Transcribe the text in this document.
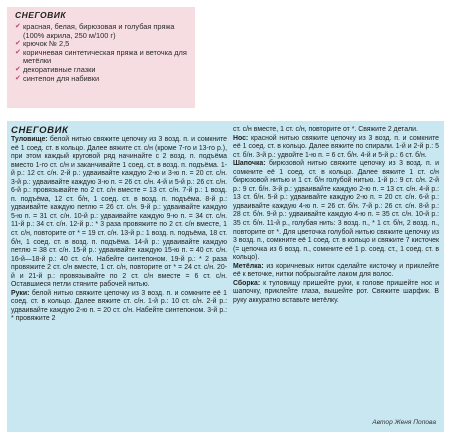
СНЕГОВИК
✔ красная, белая, бирюзовая и голубая пряжа (100% акрила, 250 м/100 г)
✔ крючок № 2,5
✔ коричневая синтетическая пряжа и веточка для метёлки
✔ декоративные глазки
✔ синтепон для набивки
СНЕГОВИК

Туловище: белой нитью свяжите цепочку из 3 возд. п. и сомкните её 1 соед. ст. в кольцо. Далее вяжите ст. с/н (кроме 7-го и 13-го р.), при этом каждый круговой ряд начинайте с 2 возд. п. подъёма вместо 1-го ст. с/н и заканчивайте 1 соед. ст. в возд. п. подъёма. 1-й р.: 12 ст. с/н. 2-й р.: удваивайте каждую 2-ю и 3-ю п. = 20 ст. с/н. 3-й р.: удваивайте каждую 3-ю п. = 26 ст. с/н. 4-й и 5-й р.: 26 ст. с/н. 6-й р.: провязывайте по 2 ст. с/н вместе = 13 ст. с/н. 7-й р.: 1 возд. п. подъёма, 12 ст. б/н, 1 соед. ст. в возд. п. подъёма. 8-й р.: удваивайте каждую петлю = 26 ст. с/н. 9-й р.: удваивайте каждую 5-ю п. = 31 ст. с/н. 10-й р.: удваивайте каждую 9-ю п. = 34 ст. с/н. 11-й р.: 34 ст. с/н. 12-й р.: * 3 раза провяжите по 2 ст. с/н вместе, 1 ст. с/н, повторите от * = 19 ст. с/н. 13-й р.: 1 возд. п. подъёма, 18 ст. б/н, 1 соед. ст. в возд. п. подъёма. 14-й р.: удваивайте каждую петлю = 38 ст. с/н. 15-й р.: удваивайте каждую 15-ю п. = 40 ст. с/н. 16-й—18-й р.: 40 ст. с/н. Набейте синтепоном. 19-й р.: * 2 раза провяжите 2 ст. с/н вместе, 1 ст. с/н, повторите от * = 24 ст. с/н. 20-й и 21-й р.: провязывайте по 2 ст. с/н вместе = 6 ст. с/н. Оставшиеся петли стяните рабочей нитью.

Руки: белой нитью свяжите цепочку из 3 возд. п. и сомкните её 1 соед. ст. в кольцо. Далее вяжите ст. с/н. 1-й р.: 10 ст. с/н. 2-й р.: удваивайте каждую 2-ю п. = 20 ст. с/н. Набейте синтепоном. 3-й р.: * провяжите 2

ст. с/н вместе, 1 ст. с/н, повторите от *. Свяжите 2 детали.

Нос: красной нитью свяжите цепочку из 3 возд. п. и сомкните её 1 соед. ст. в кольцо. Далее вяжите по спирали. 1-й и 2-й р.: 5 ст. б/н. 3-й р.: удвойте 1-ю п. = 6 ст. б/н. 4-й и 5-й р.: 6 ст. б/н.

Шапочка: бирюзовой нитью свяжите цепочку из 3 возд. п. и сомкните её 1 соед. ст. в кольцо. Далее вяжите 1 ст. с/н бирюзовой нитью и 1 ст. б/н голубой нитью. 1-й р.: 9 ст. с/н. 2-й р.: 9 ст. б/н. 3-й р.: удваивайте каждую 2-ю п. = 13 ст. с/н. 4-й р.: 13 ст. б/н. 5-й р.: удваивайте каждую 2-ю п. = 20 ст. с/н. 6-й р.: удваивайте каждую 4-ю п. = 26 ст. б/н. 7-й р.: 26 ст. с/н. 8-й р.: 28 ст. б/н. 9-й р.: удваивайте каждую 4-ю п. = 35 ст. с/н. 10-й р.: 35 ст. б/н. 11-й р., голубая нить: 3 возд. п., * 1 ст. б/н, 2 возд. п., повторите от *. Для цветочка голубой нитью свяжите цепочку из 3 возд. п., сомкните её 1 соед. ст. в кольцо и свяжите 7 кисточек (= цепочка из 6 возд. п., сомкните её 1 р. соед. ст., 1 соед. ст. в кольцо).

Метёлка: из коричневых ниток сделайте кисточку и приклейте её к веточке, нитки побрызгайте лаком для волос.

Сборка: к туловищу пришейте руки, к голове пришейте нос и шапочку, приклейте глаза, вышейте рот. Свяжите шарфик. В руку аккуратно вставьте метёлку.

Автор Женя Попова
